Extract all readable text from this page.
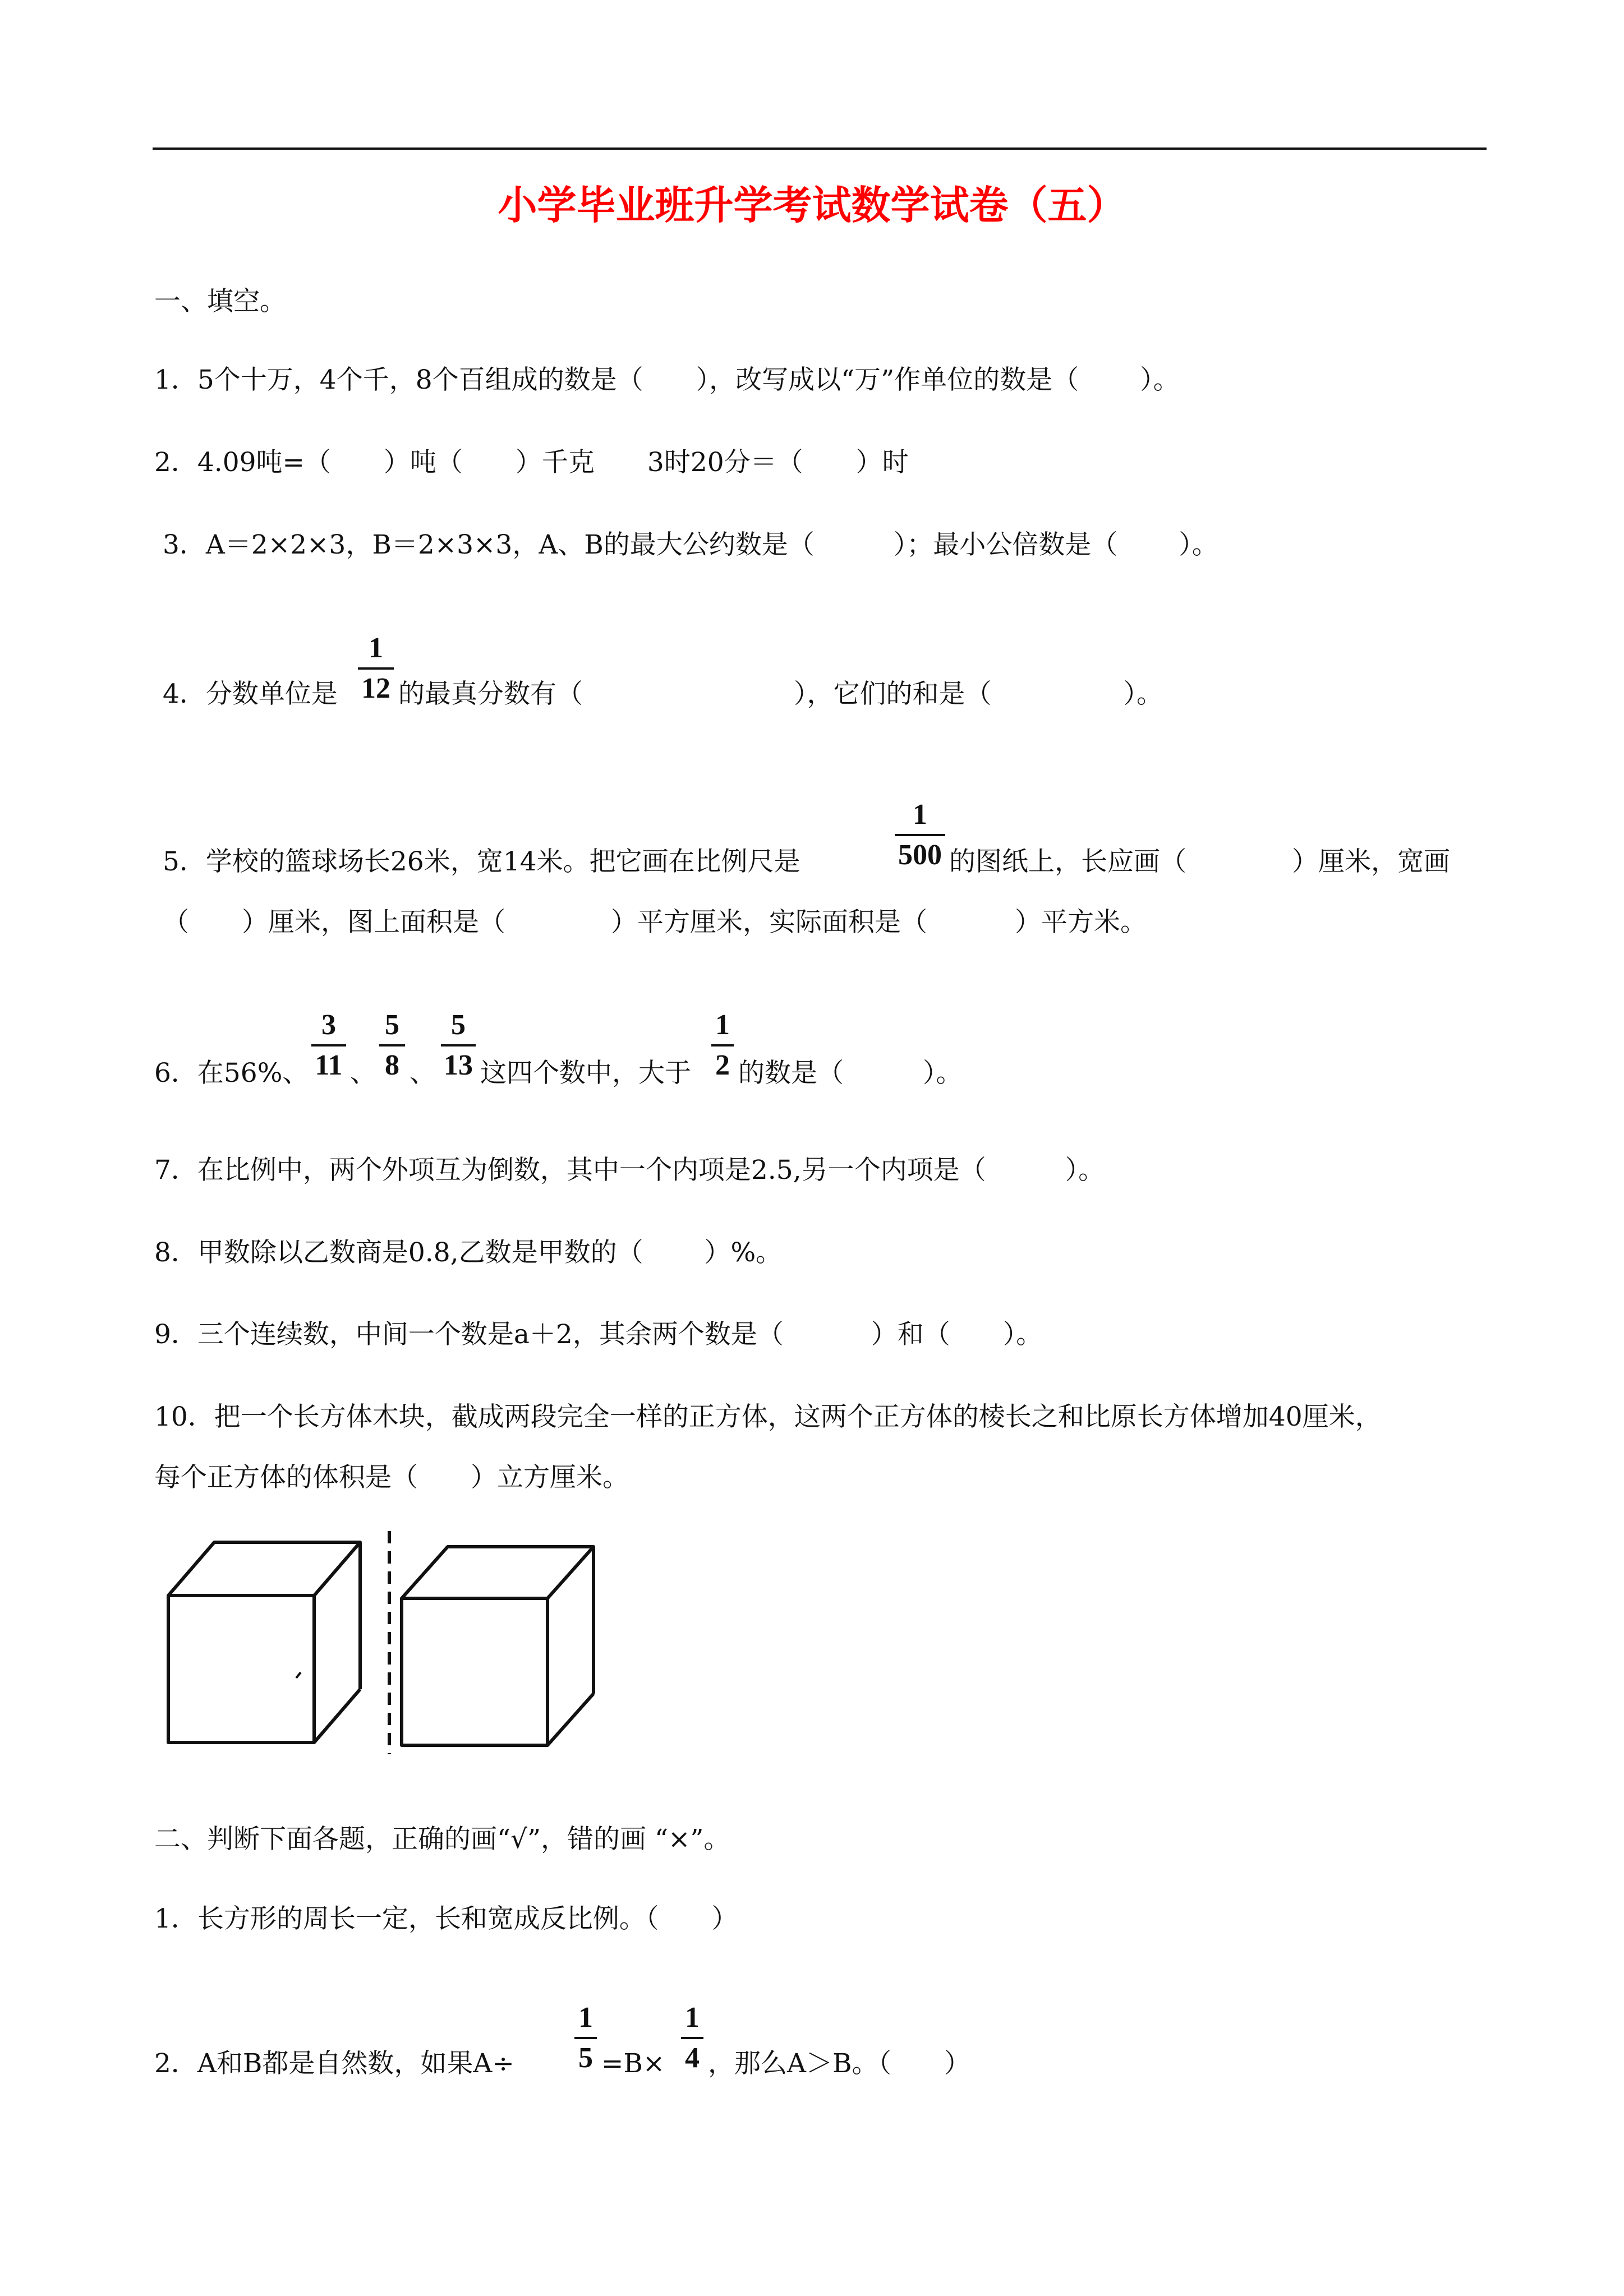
小学毕业班升学考试数学试卷（五）
一、填空。
1．5个十万，4个千，8个百组成的数是（　　），改写成以“万”作单位的数是（　　 ）。
2．4.09吨=（　　）吨（　　）千克　　3时20分＝（　　）时
3．A＝2×2×3，B＝2×3×3，A、B的最大公约数是（　　　）；最小公倍数是（　　 ）。
4．分数单位是
1
12 的最真分数有（　　　　　　　　），它们的和是（　　　　　）。
5．学校的篮球场长26米，宽14米。把它画在比例尺是
1
500 的图纸上，长应画（　　　　）厘米，宽画
（　　）厘米，图上面积是（　　　　）平方厘米，实际面积是（　　　 ）平方米。
6．在56%、
3
11 、
5
8 、
5
13 这四个数中，大于
1
2 的数是（　　　）。
7．在比例中，两个外项互为倒数，其中一个内项是2.5,另一个内项是（　　　）。
8．甲数除以乙数商是0.8,乙数是甲数的（　　 ）%。
9．三个连续数，中间一个数是a＋2，其余两个数是（　　　 ）和（　　）。
10．把一个长方体木块，截成两段完全一样的正方体，这两个正方体的棱长之和比原长方体增加40厘米，
每个正方体的体积是（　　）立方厘米。
二、判断下面各题，正确的画“√”，错的画 “×”。
1．长方形的周长一定，长和宽成反比例。（　　）
2．A和B都是自然数，如果A÷
1
5 =B×
1
4 ，那么A＞B。（　　）
